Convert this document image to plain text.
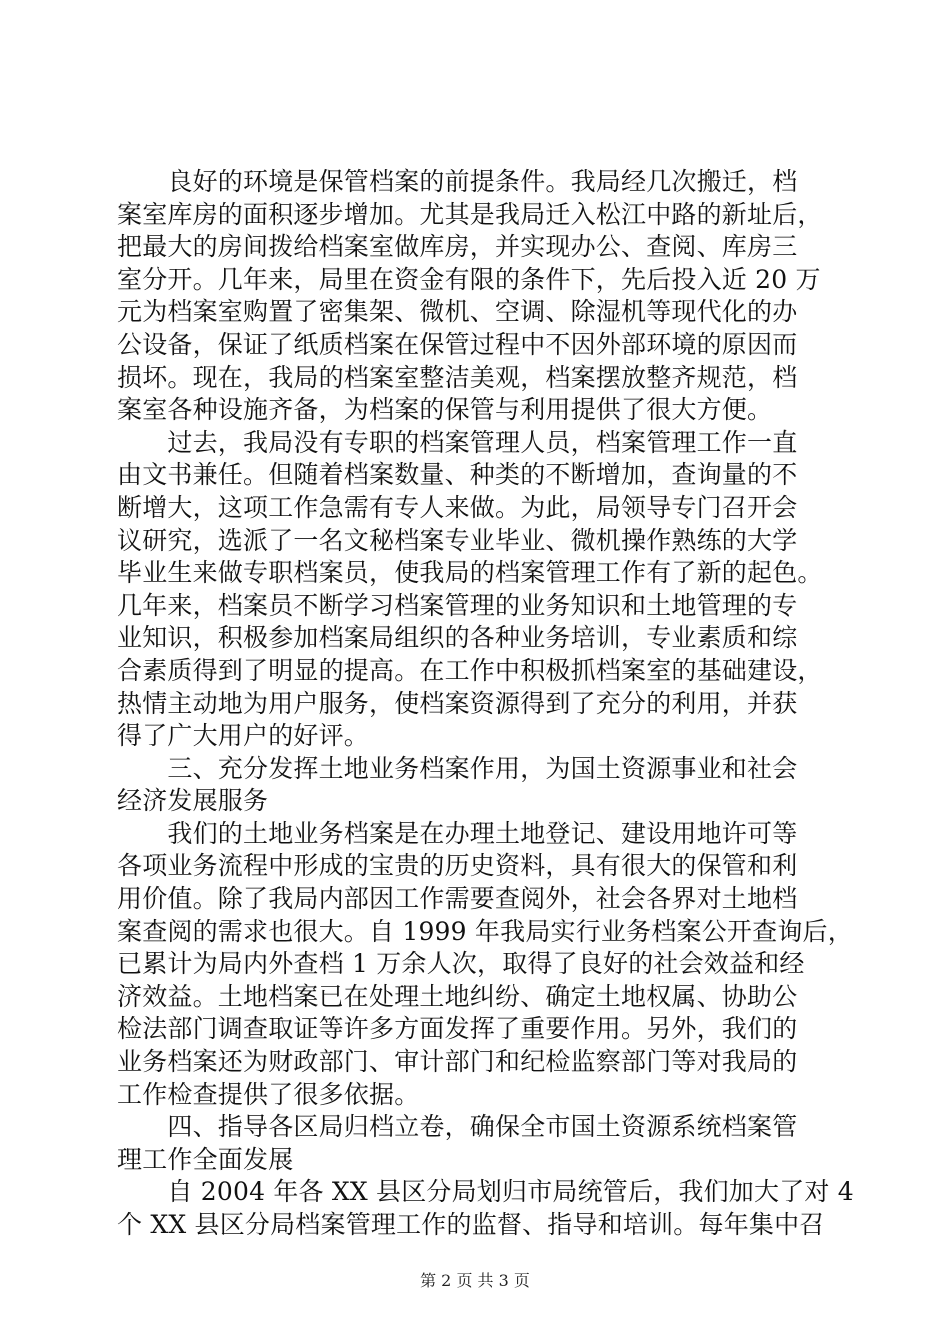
　　良好的环境是保管档案的前提条件。我局经几次搬迁，档
案室库房的面积逐步增加。尤其是我局迁入松江中路的新址后，
把最大的房间拨给档案室做库房，并实现办公、查阅、库房三
室分开。几年来，局里在资金有限的条件下，先后投入近 20 万
元为档案室购置了密集架、微机、空调、除湿机等现代化的办
公设备，保证了纸质档案在保管过程中不因外部环境的原因而
损坏。现在，我局的档案室整洁美观，档案摆放整齐规范，档
案室各种设施齐备，为档案的保管与利用提供了很大方便。
　　过去，我局没有专职的档案管理人员，档案管理工作一直
由文书兼任。但随着档案数量、种类的不断增加，查询量的不
断增大，这项工作急需有专人来做。为此，局领导专门召开会
议研究，选派了一名文秘档案专业毕业、微机操作熟练的大学
毕业生来做专职档案员，使我局的档案管理工作有了新的起色。
几年来，档案员不断学习档案管理的业务知识和土地管理的专
业知识，积极参加档案局组织的各种业务培训，专业素质和综
合素质得到了明显的提高。在工作中积极抓档案室的基础建设，
热情主动地为用户服务，使档案资源得到了充分的利用，并获
得了广大用户的好评。
　　三、充分发挥土地业务档案作用，为国土资源事业和社会
经济发展服务
　　我们的土地业务档案是在办理土地登记、建设用地许可等
各项业务流程中形成的宝贵的历史资料，具有很大的保管和利
用价值。除了我局内部因工作需要查阅外，社会各界对土地档
案查阅的需求也很大。自 1999 年我局实行业务档案公开查询后，
已累计为局内外查档 1 万余人次，取得了良好的社会效益和经
济效益。土地档案已在处理土地纠纷、确定土地权属、协助公
检法部门调查取证等许多方面发挥了重要作用。另外，我们的
业务档案还为财政部门、审计部门和纪检监察部门等对我局的
工作检查提供了很多依据。
　　四、指导各区局归档立卷，确保全市国土资源系统档案管
理工作全面发展
　　自 2004 年各 XX 县区分局划归市局统管后，我们加大了对 4
个 XX 县区分局档案管理工作的监督、指导和培训。每年集中召
第 2 页 共 3 页
